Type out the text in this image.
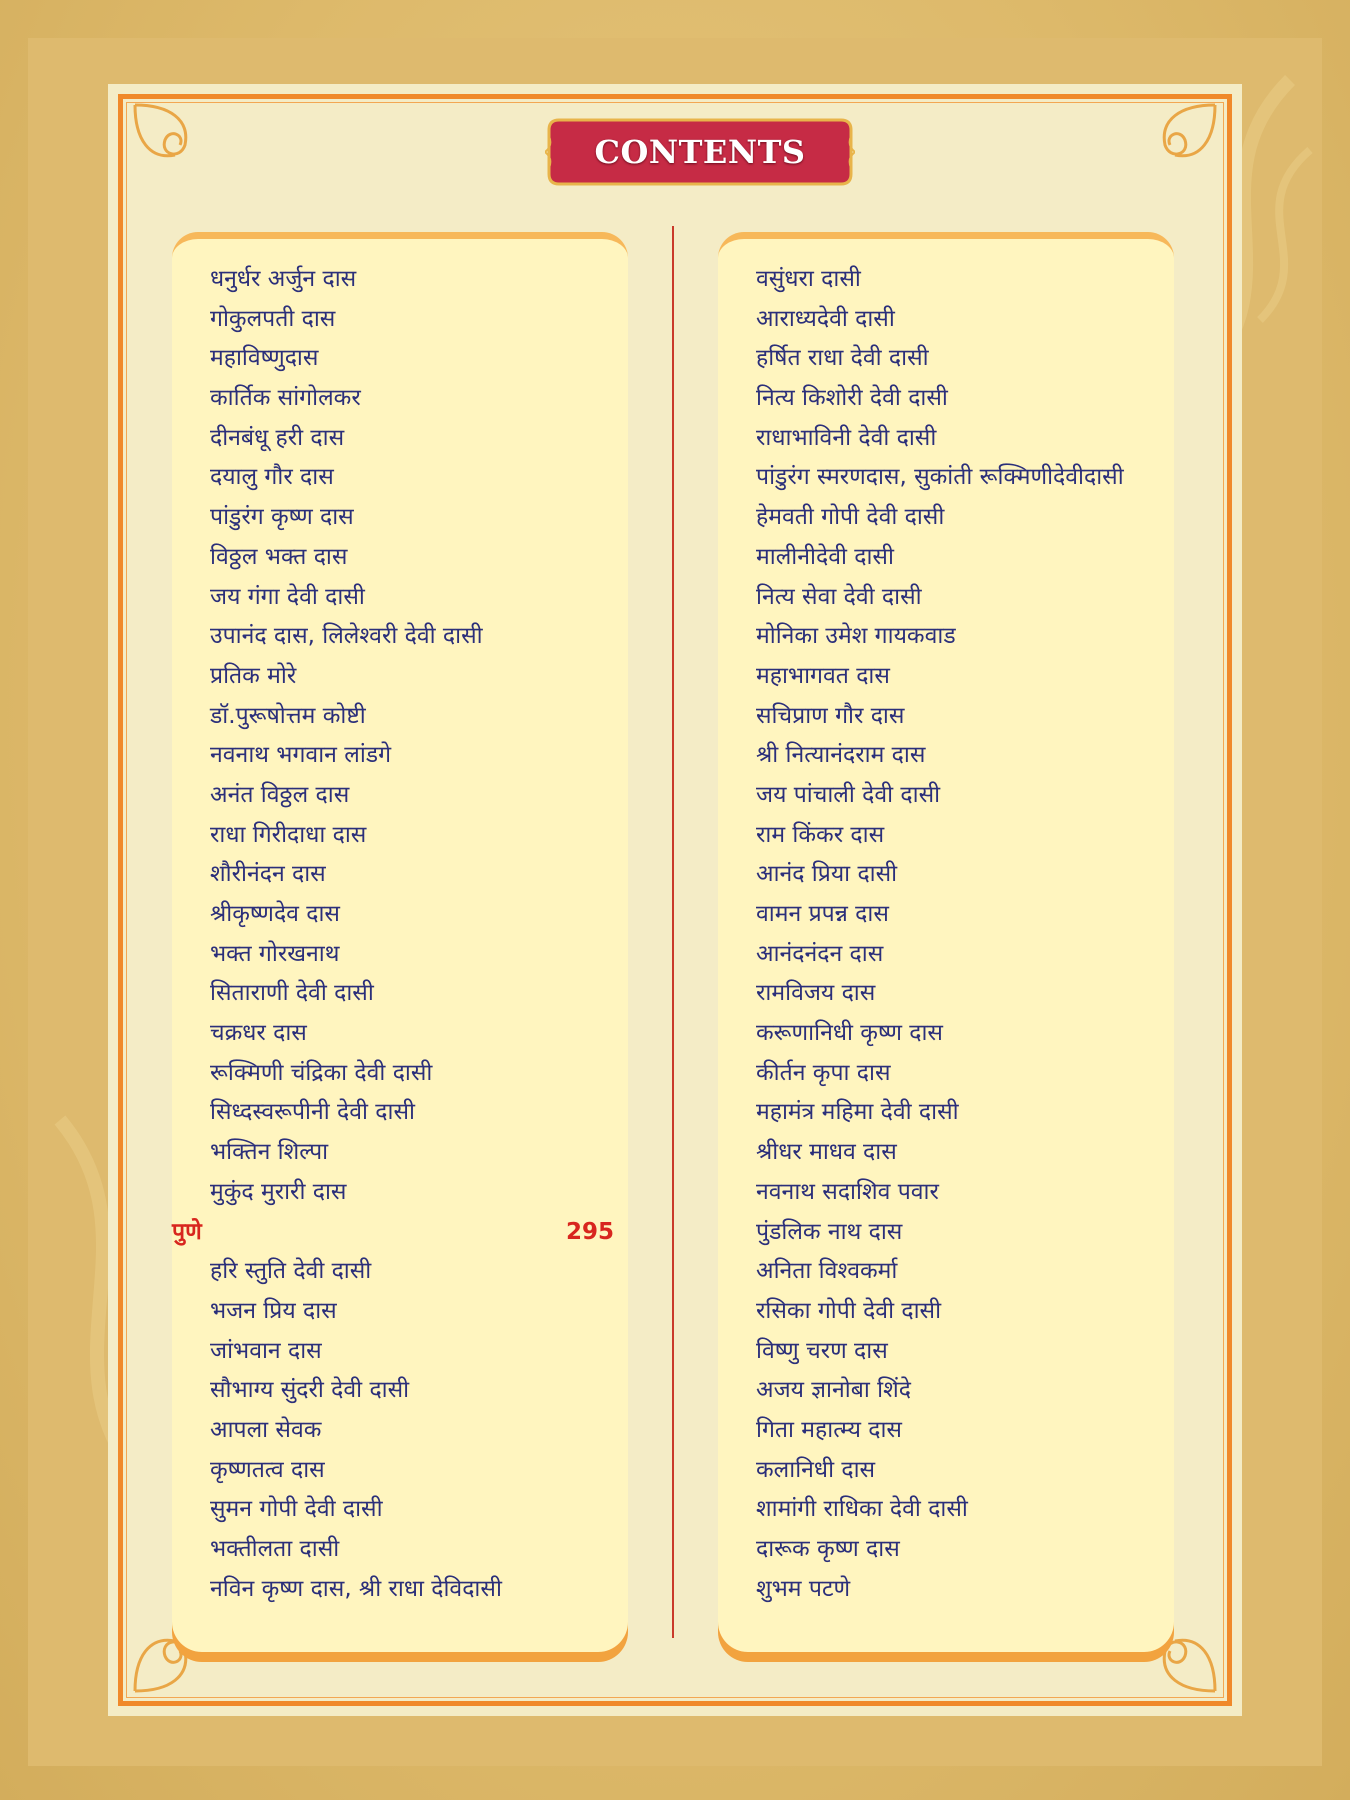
CONTENTS
धनुर्धर अर्जुन दास
गोकुलपती दास
महाविष्णुदास
कार्तिक सांगोलकर
दीनबंधू हरी दास
दयालु गौर दास
पांडुरंग कृष्ण दास
विठ्ठल भक्त दास
जय गंगा देवी दासी
उपानंद दास, लिलेश्वरी देवी दासी
प्रतिक मोरे
डॉ.पुरूषोत्तम कोष्टी
नवनाथ भगवान लांडगे
अनंत विठ्ठल दास
राधा गिरीदाधा दास
शौरीनंदन दास
श्रीकृष्णदेव दास
भक्त गोरखनाथ
सिताराणी देवी दासी
चक्रधर दास
रूक्मिणी चंद्रिका देवी दासी
सिध्दस्वरूपीनी देवी दासी
भक्तिन शिल्पा
मुकुंद मुरारी दास
पुणे	295
हरि स्तुति देवी दासी
भजन प्रिय दास
जांभवान दास
सौभाग्य सुंदरी देवी दासी
आपला सेवक
कृष्णतत्व दास
सुमन गोपी देवी दासी
भक्तीलता दासी
नविन कृष्ण दास, श्री राधा देविदासी
वसुंधरा दासी
आराध्यदेवी दासी
हर्षित राधा देवी दासी
नित्य किशोरी देवी दासी
राधाभाविनी देवी दासी
पांडुरंग स्मरणदास, सुकांती रूक्मिणीदेवीदासी
हेमवती गोपी देवी दासी
मालीनीदेवी दासी
नित्य सेवा देवी दासी
मोनिका उमेश गायकवाड
महाभागवत दास
सचिप्राण गौर दास
श्री नित्यानंदराम दास
जय पांचाली देवी दासी
राम किंकर दास
आनंद प्रिया दासी
वामन प्रपन्न दास
आनंदनंदन दास
रामविजय दास
करूणानिधी कृष्ण दास
कीर्तन कृपा दास
महामंत्र महिमा देवी दासी
श्रीधर माधव दास
नवनाथ सदाशिव पवार
पुंडलिक नाथ दास
अनिता विश्वकर्मा
रसिका गोपी देवी दासी
विष्णु चरण दास
अजय ज्ञानोबा शिंदे
गिता महात्म्य दास
कलानिधी दास
शामांगी राधिका देवी दासी
दारूक कृष्ण दास
शुभम पटणे
